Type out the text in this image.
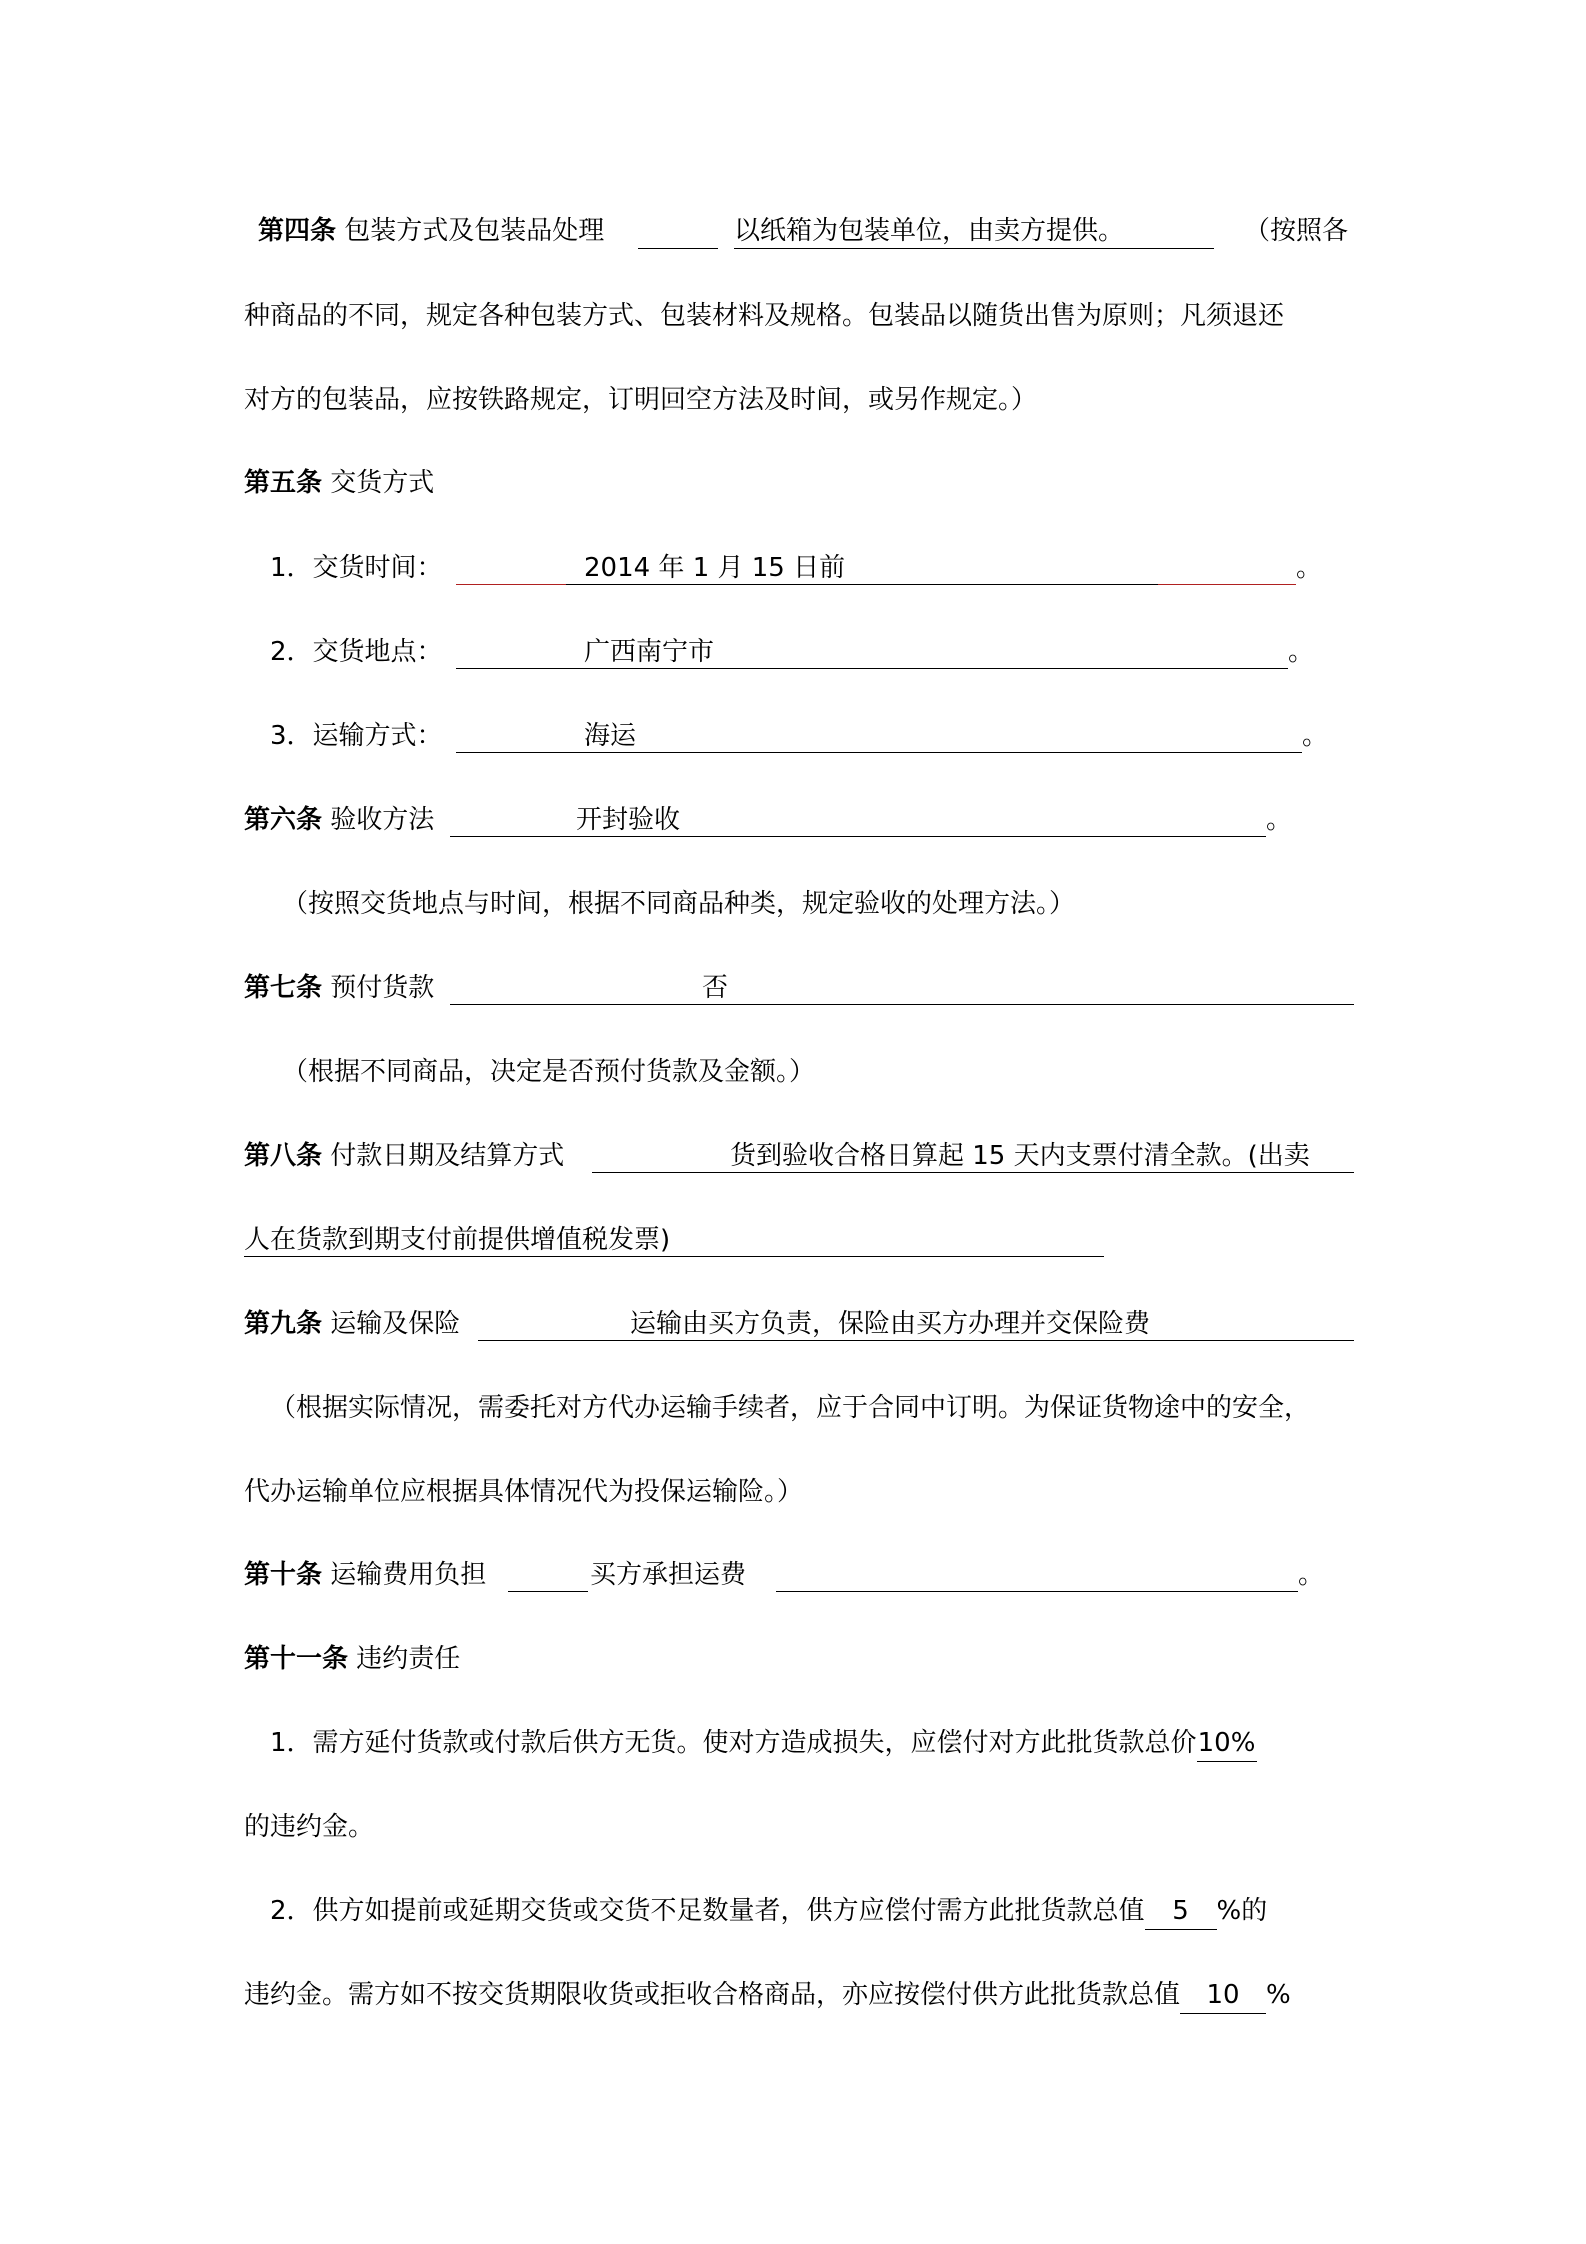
第四条 包装方式及包装品处理	以纸箱为包装单位，由卖方提供。	（按照各
种商品的不同，规定各种包装方式、包装材料及规格。包装品以随货出售为原则；凡须退还
对方的包装品，应按铁路规定，订明回空方法及时间，或另作规定。）
第五条 交货方式
1．交货时间：	2014 年 1 月 15 日前	。
2．交货地点：	广西南宁市	。
3．运输方式：	海运	。
第六条 验收方法	开封验收	。
（按照交货地点与时间，根据不同商品种类，规定验收的处理方法。）
第七条 预付货款	否
（根据不同商品，决定是否预付货款及金额。）
第八条 付款日期及结算方式	货到验收合格日算起 15 天内支票付清全款。(出卖
人在货款到期支付前提供增值税发票)
第九条 运输及保险	运输由买方负责，保险由买方办理并交保险费
（根据实际情况，需委托对方代办运输手续者，应于合同中订明。为保证货物途中的安全，
代办运输单位应根据具体情况代为投保运输险。）
第十条 运输费用负担	买方承担运费	。
第十一条 违约责任
1．需方延付货款或付款后供方无货。使对方造成损失，应偿付对方此批货款总价10%
的违约金。
2．供方如提前或延期交货或交货不足数量者，供方应偿付需方此批货款总值 5 %的
违约金。需方如不按交货期限收货或拒收合格商品，亦应按偿付供方此批货款总值 10 %
